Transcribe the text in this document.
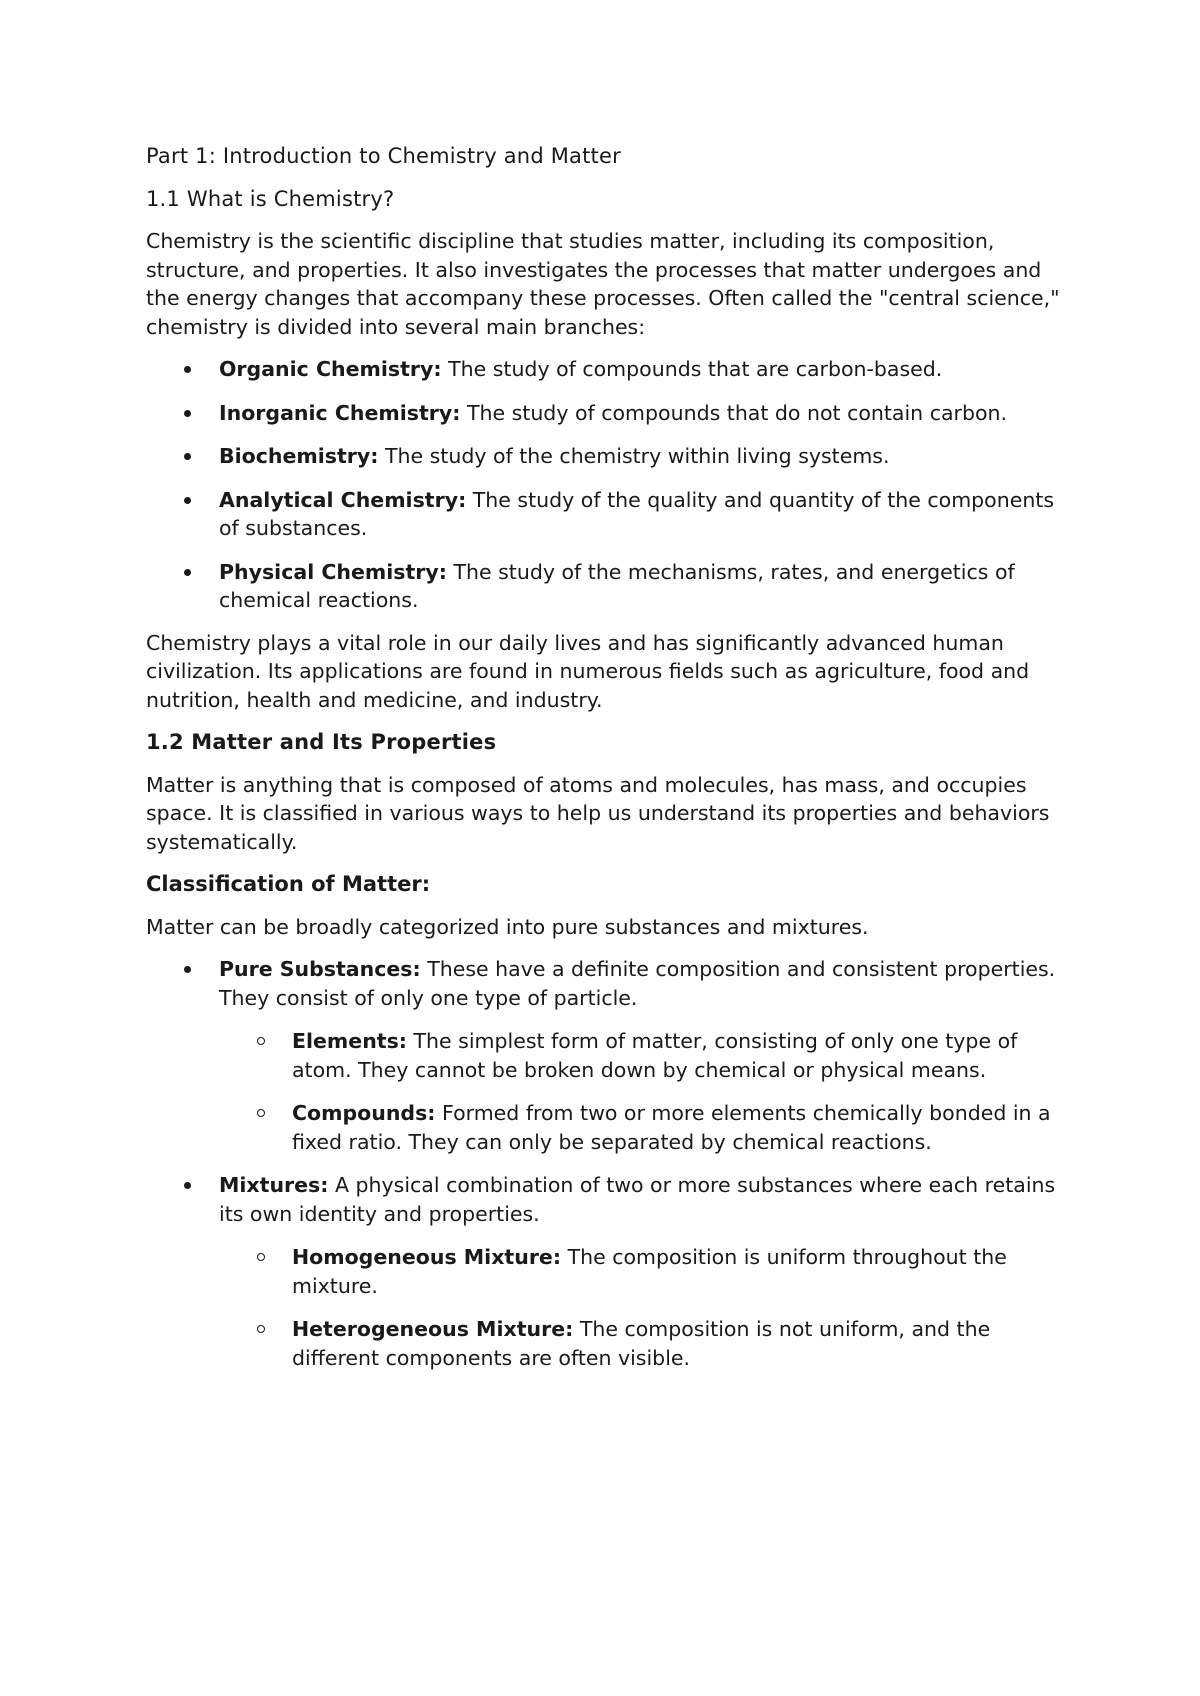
Part 1: Introduction to Chemistry and Matter
1.1 What is Chemistry?

Chemistry is the scientific discipline that studies matter, including its composition, structure, and properties. It also investigates the processes that matter undergoes and the energy changes that accompany these processes. Often called the "central science," chemistry is divided into several main branches:

Organic Chemistry: The study of compounds that are carbon-based.
Inorganic Chemistry: The study of compounds that do not contain carbon.
Biochemistry: The study of the chemistry within living systems.
Analytical Chemistry: The study of the quality and quantity of the components of substances.
Physical Chemistry: The study of the mechanisms, rates, and energetics of chemical reactions.

Chemistry plays a vital role in our daily lives and has significantly advanced human civilization. Its applications are found in numerous fields such as agriculture, food and nutrition, health and medicine, and industry.

1.2 Matter and Its Properties

Matter is anything that is composed of atoms and molecules, has mass, and occupies space. It is classified in various ways to help us understand its properties and behaviors systematically.

Classification of Matter:

Matter can be broadly categorized into pure substances and mixtures.

Pure Substances: These have a definite composition and consistent properties. They consist of only one type of particle.
Elements: The simplest form of matter, consisting of only one type of atom. They cannot be broken down by chemical or physical means.
Compounds: Formed from two or more elements chemically bonded in a fixed ratio. They can only be separated by chemical reactions.
Mixtures: A physical combination of two or more substances where each retains its own identity and properties.
Homogeneous Mixture: The composition is uniform throughout the mixture.
Heterogeneous Mixture: The composition is not uniform, and the different components are often visible.
